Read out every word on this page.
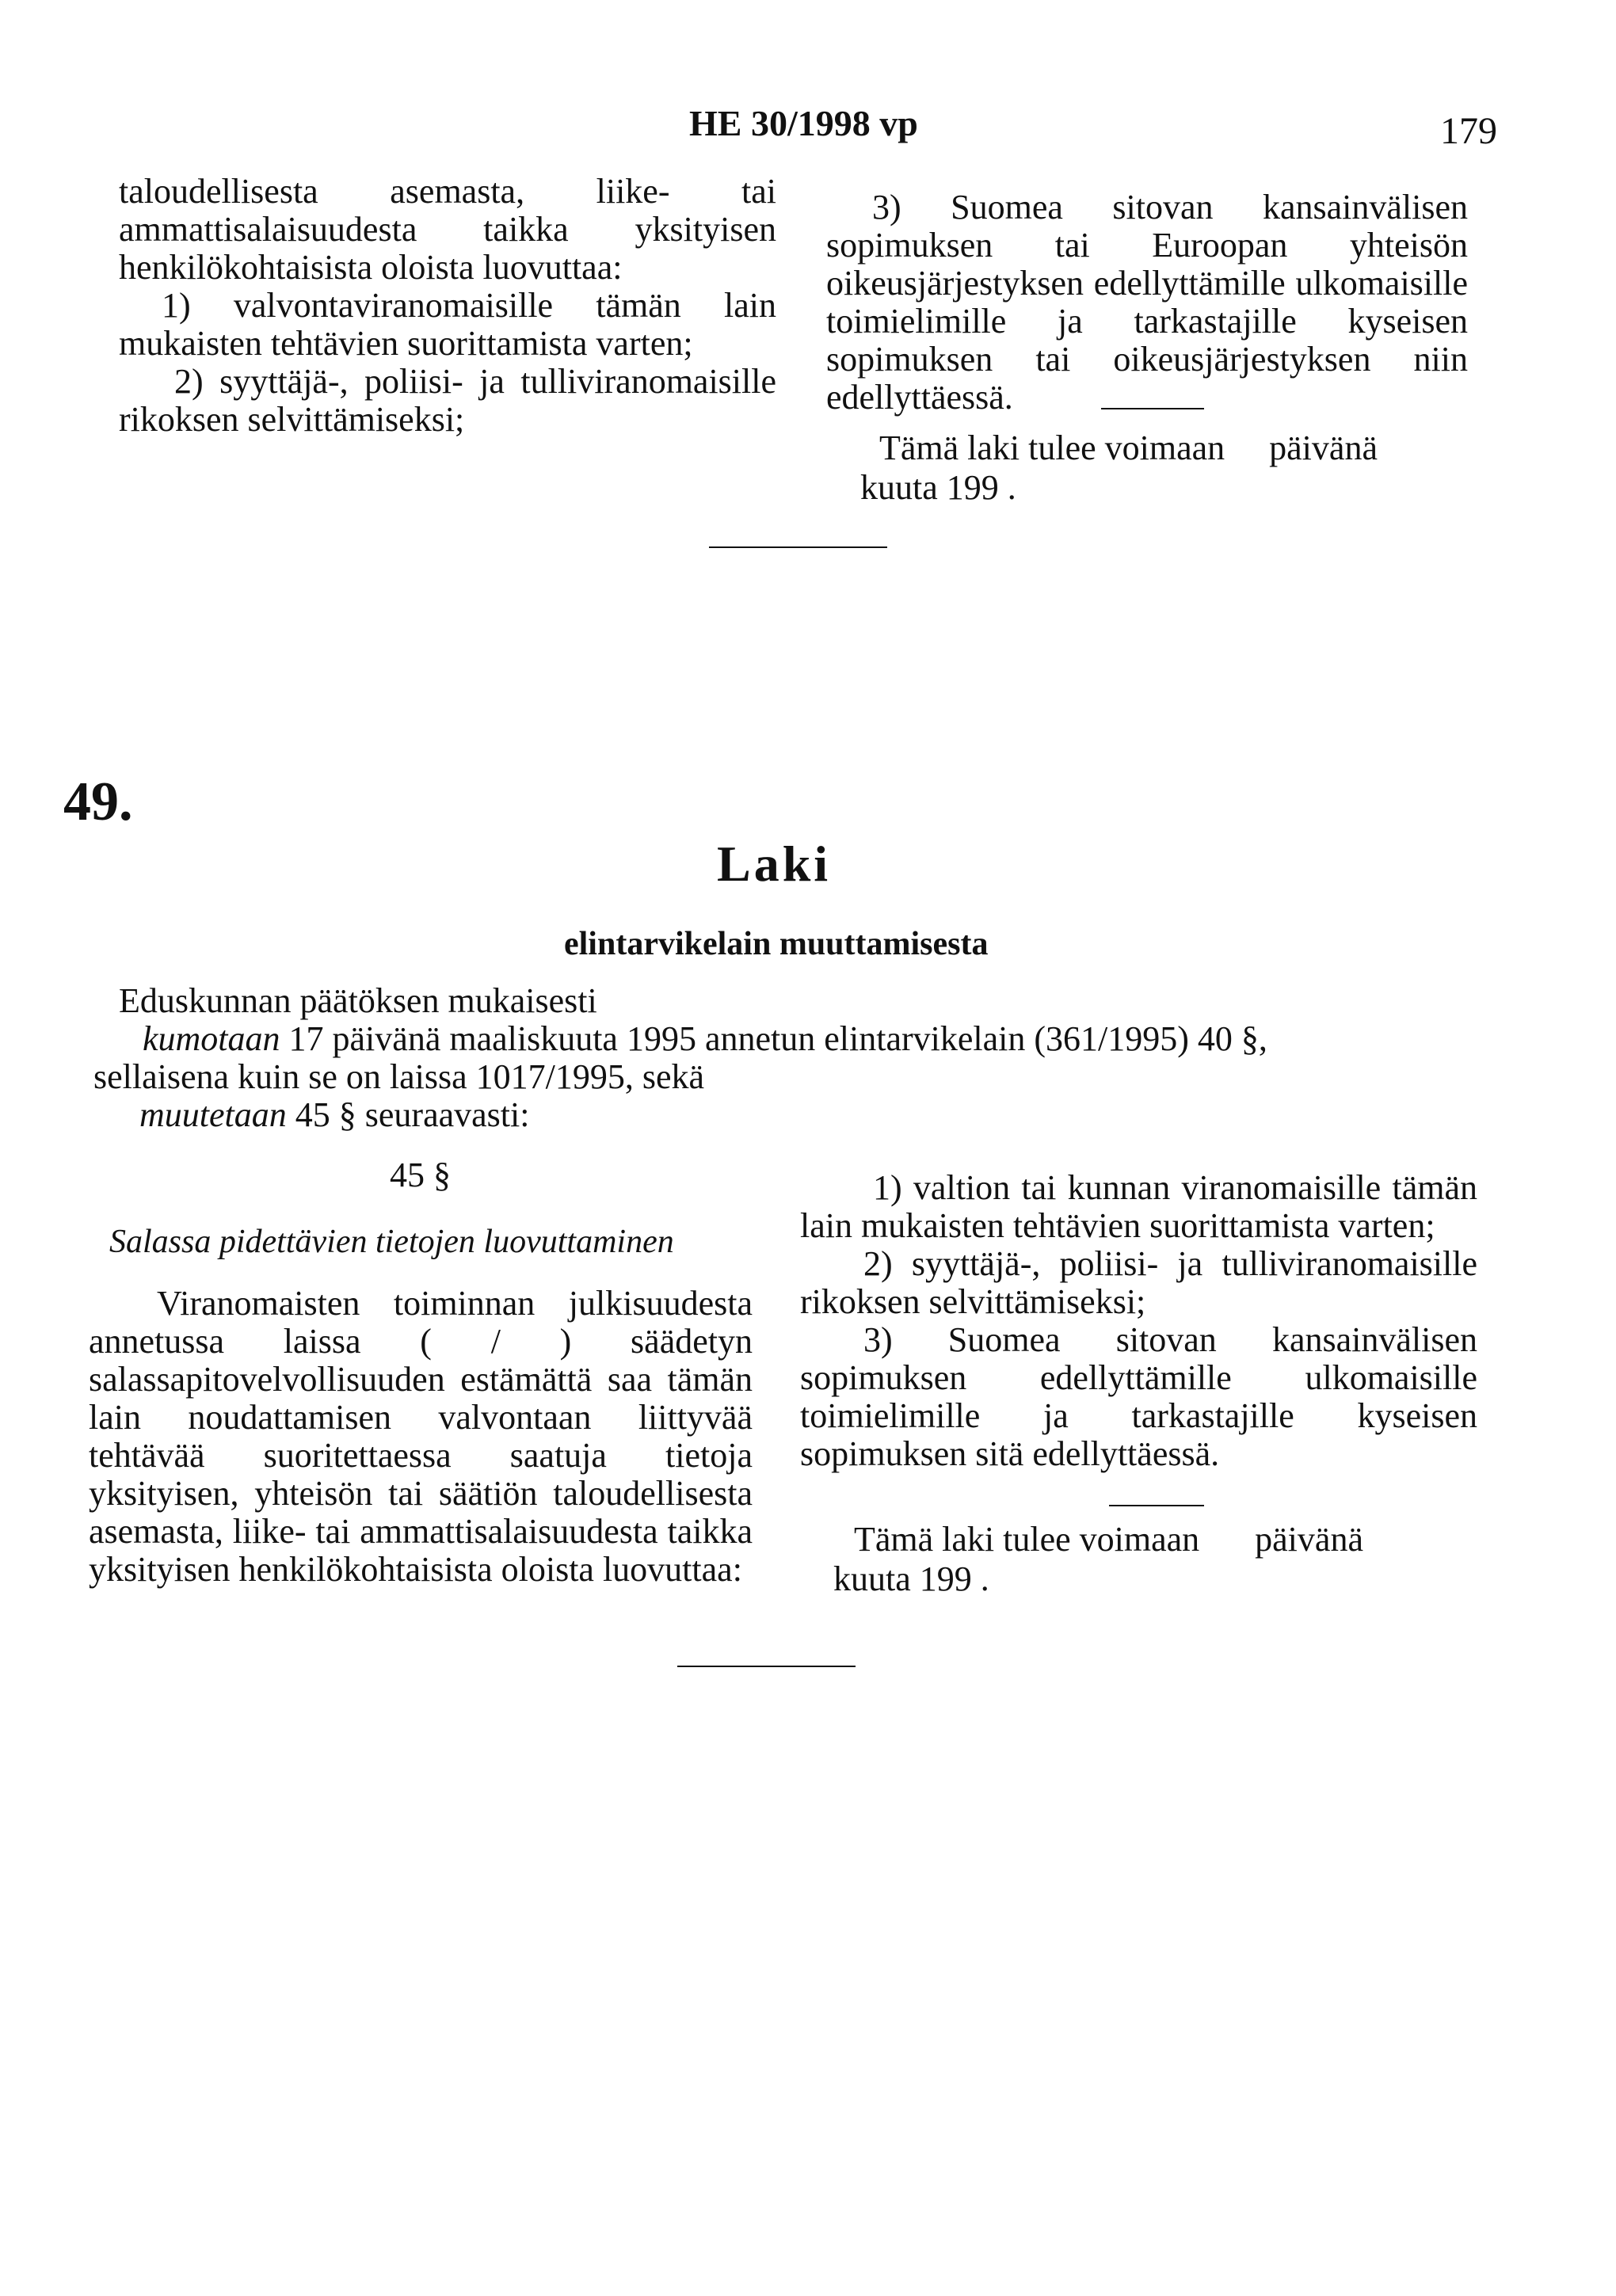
HE 30/1998 vp	179

taloudellisesta asemasta, liike- tai ammattisalaisuudesta taikka yksityisen henkilökohtaisista oloista luovuttaa:

1) valvontaviranomaisille tämän lain mukaisten tehtävien suorittamista varten;

2) syyttäjä-, poliisi- ja tulliviranomaisille rikoksen selvittämiseksi;

3) Suomea sitovan kansainvälisen sopimuksen tai Euroopan yhteisön oikeusjärjestyksen edellyttämille ulkomaisille toimielimille ja tarkastajille kyseisen sopimuksen tai oikeusjärjestyksen niin edellyttäessä.

Tämä laki tulee voimaan päivänä
kuuta 199 .
49.
Laki
elintarvikelain muuttamisesta
Eduskunnan päätöksen mukaisesti
kumotaan 17 päivänä maaliskuuta 1995 annetun elintarvikelain (361/1995) 40 §,
sellaisena kuin se on laissa 1017/1995, sekä
muutetaan 45 § seuraavasti:
45 §
Salassa pidettävien tietojen luovuttaminen

Viranomaisten toiminnan julkisuudesta annetussa laissa ( / ) säädetyn salassapitovelvollisuuden estämättä saa tämän lain noudattamisen valvontaan liittyvää tehtävää suoritettaessa saatuja tietoja yksityisen, yhteisön tai säätiön taloudellisesta asemasta, liike- tai ammattisalaisuudesta taikka yksityisen henkilökohtaisista oloista luovuttaa:

1) valtion tai kunnan viranomaisille tämän lain mukaisten tehtävien suorittamista varten;

2) syyttäjä-, poliisi- ja tulliviranomaisille rikoksen selvittämiseksi;

3) Suomea sitovan kansainvälisen sopimuksen edellyttämille ulkomaisille toimielimille ja tarkastajille kyseisen sopimuksen sitä edellyttäessä.

Tämä laki tulee voimaan päivänä
kuuta 199 .
